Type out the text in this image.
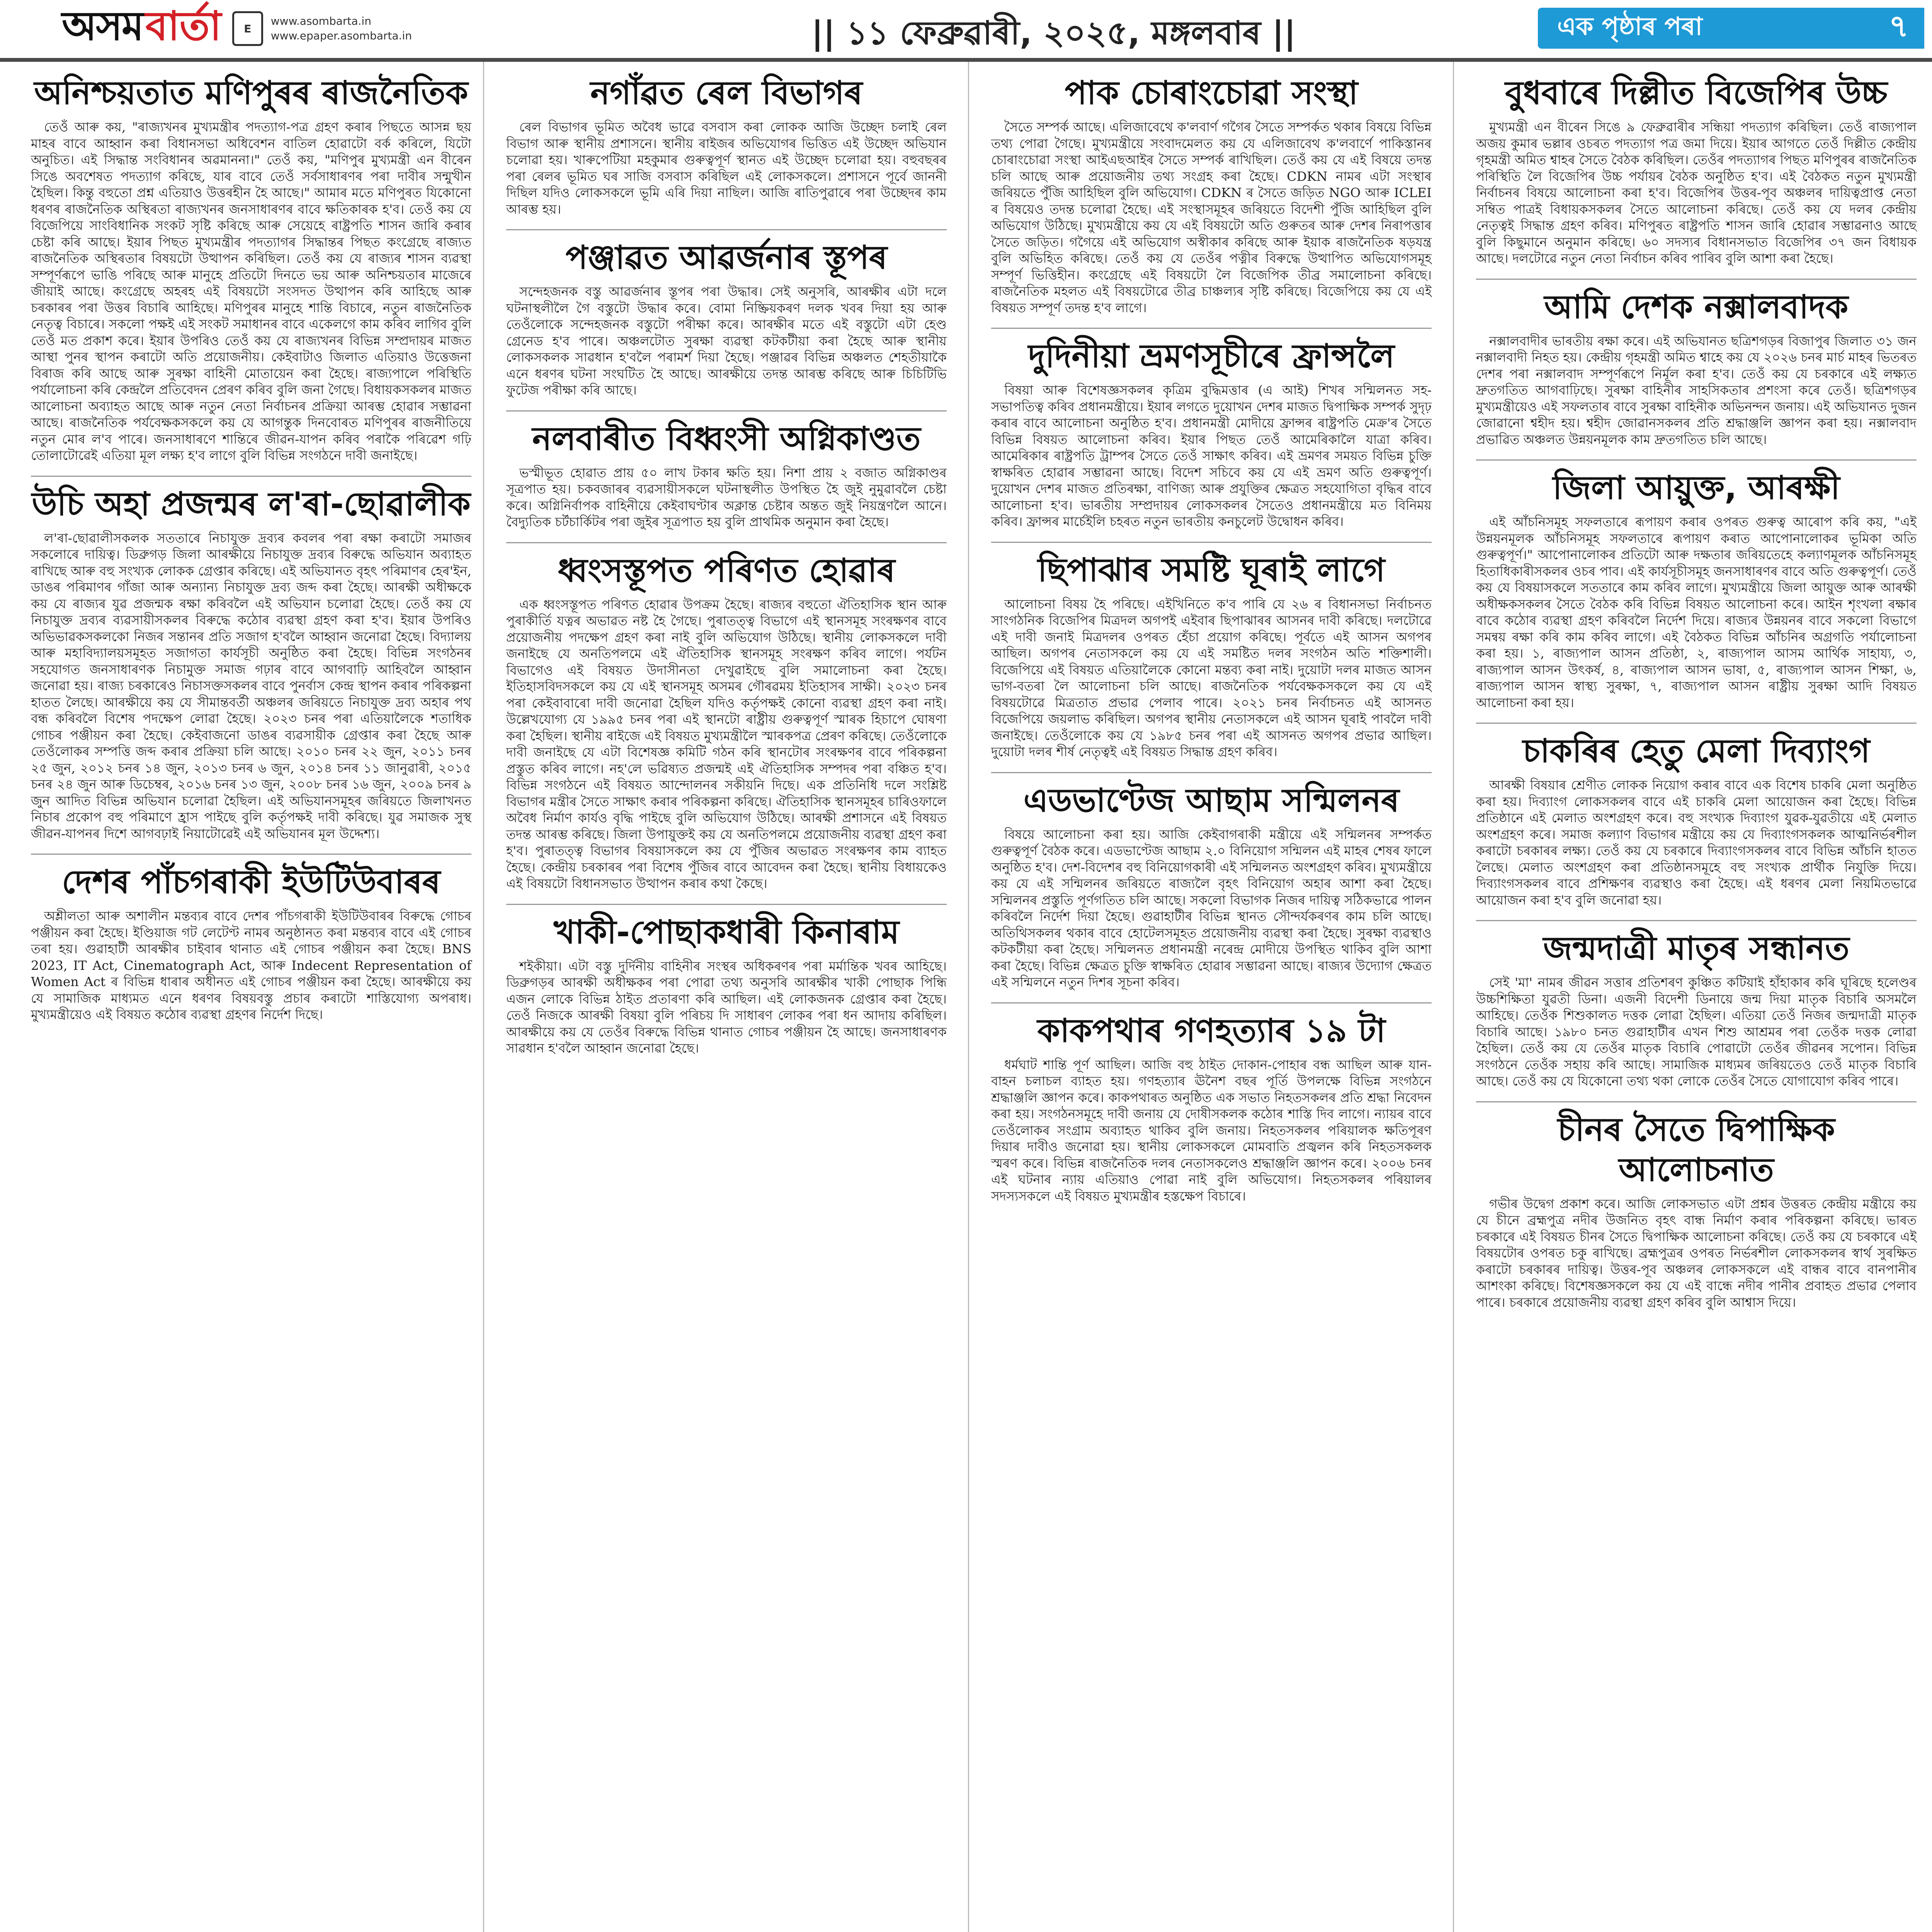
অসম বাৰ্তা	E
www.asombarta.in
www.epaper.asombarta.in	|| ১১ ফেব্ৰুৱাৰী, ২০২৫, মঙ্গলবাৰ ||	এক পৃষ্ঠাৰ পৰা	৭
অনিশ্চয়তাত মণিপুৰৰ ৰাজনৈতিক

তেওঁ আৰু কয়, "ৰাজ্যখনৰ মুখ্যমন্ত্ৰীৰ পদত্যাগ-পত্ৰ গ্ৰহণ কৰাৰ পিছতে আসন্ন ছয় মাহৰ বাবে আহ্বান কৰা বিধানসভা অধিবেশন বাতিল হোৱাটো বৰ্ক কৰিলে, যিটো অনুচিত। এই সিদ্ধান্ত সংবিধানৰ অৱমাননা।" তেওঁ কয়, "মণিপুৰ মুখ্যমন্ত্ৰী এন বীৰেন সিঙে অবশেষত পদত্যাগ কৰিছে, যাৰ বাবে তেওঁ সৰ্বসাধাৰণৰ পৰা দাবীৰ সন্মুখীন হৈছিল। কিন্তু বহুতো প্ৰশ্ন এতিয়াও উত্তৰহীন হৈ আছে।" আমাৰ মতে মণিপুৰত যিকোনো ধৰণৰ ৰাজনৈতিক অস্থিৰতা ৰাজ্যখনৰ জনসাধাৰণৰ বাবে ক্ষতিকাৰক হ'ব। তেওঁ কয় যে বিজেপিয়ে সাংবিধানিক সংকট সৃষ্টি কৰিছে আৰু সেয়েহে ৰাষ্ট্ৰপতি শাসন জাৰি কৰাৰ চেষ্টা কৰি আছে। ইয়াৰ পিছত মুখ্যমন্ত্ৰীৰ পদত্যাগৰ সিদ্ধান্তৰ পিছত কংগ্ৰেছে ৰাজ্যত ৰাজনৈতিক অস্থিৰতাৰ বিষয়টো উত্থাপন কৰিছিল। তেওঁ কয় যে ৰাজ্যৰ শাসন ব্যৱস্থা সম্পূৰ্ণৰূপে ভাঙি পৰিছে আৰু মানুহে প্ৰতিটো দিনতে ভয় আৰু অনিশ্চয়তাৰ মাজেৰে জীয়াই আছে। কংগ্ৰেছে অহৰহ এই বিষয়টো সংসদত উত্থাপন কৰি আহিছে আৰু চৰকাৰৰ পৰা উত্তৰ বিচাৰি আহিছে। মণিপুৰৰ মানুহে শান্তি বিচাৰে, নতুন ৰাজনৈতিক নেতৃত্ব বিচাৰে। সকলো পক্ষই এই সংকট সমাধানৰ বাবে একেলগে কাম কৰিব লাগিব বুলি তেওঁ মত প্ৰকাশ কৰে। ইয়াৰ উপৰিও তেওঁ কয় যে ৰাজ্যখনৰ বিভিন্ন সম্প্ৰদায়ৰ মাজত আস্থা পুনৰ স্থাপন কৰাটো অতি প্ৰয়োজনীয়। কেইবাটাও জিলাত এতিয়াও উত্তেজনা বিৰাজ কৰি আছে আৰু সুৰক্ষা বাহিনী মোতায়েন কৰা হৈছে। ৰাজ্যপালে পৰিস্থিতি পৰ্যালোচনা কৰি কেন্দ্ৰলৈ প্ৰতিবেদন প্ৰেৰণ কৰিব বুলি জনা গৈছে। বিধায়কসকলৰ মাজত আলোচনা অব্যাহত আছে আৰু নতুন নেতা নিৰ্বাচনৰ প্ৰক্ৰিয়া আৰম্ভ হোৱাৰ সম্ভাৱনা আছে। ৰাজনৈতিক পৰ্যবেক্ষকসকলে কয় যে আগন্তুক দিনবোৰত মণিপুৰৰ ৰাজনীতিয়ে নতুন মোৰ ল'ব পাৰে। জনসাধাৰণে শান্তিৰে জীৱন-যাপন কৰিব পৰাকৈ পৰিৱেশ গঢ়ি তোলাটোৱেই এতিয়া মূল লক্ষ্য হ'ব লাগে বুলি বিভিন্ন সংগঠনে দাবী জনাইছে।

উচি অহা প্ৰজন্মৰ ল'ৰা-ছোৱালীক

ল'ৰা-ছোৱালীসকলক সততাৰে নিচাযুক্ত দ্ৰব্যৰ কবলৰ পৰা ৰক্ষা কৰাটো সমাজৰ সকলোৰে দায়িত্ব। ডিব্ৰুগড় জিলা আৰক্ষীয়ে নিচাযুক্ত দ্ৰব্যৰ বিৰুদ্ধে অভিযান অব্যাহত ৰাখিছে আৰু বহু সংখ্যক লোকক গ্ৰেপ্তাৰ কৰিছে। এই অভিযানত বৃহৎ পৰিমাণৰ হেৰ'ইন, ডাঙৰ পৰিমাণৰ গাঁজা আৰু অন্যান্য নিচাযুক্ত দ্ৰব্য জব্দ কৰা হৈছে। আৰক্ষী অধীক্ষকে কয় যে ৰাজ্যৰ যুৱ প্ৰজন্মক ৰক্ষা কৰিবলৈ এই অভিযান চলোৱা হৈছে। তেওঁ কয় যে নিচাযুক্ত দ্ৰব্যৰ ব্যৱসায়ীসকলৰ বিৰুদ্ধে কঠোৰ ব্যৱস্থা গ্ৰহণ কৰা হ'ব। ইয়াৰ উপৰিও অভিভাৱকসকলকো নিজৰ সন্তানৰ প্ৰতি সজাগ হ'বলৈ আহ্বান জনোৱা হৈছে। বিদ্যালয় আৰু মহাবিদ্যালয়সমূহত সজাগতা কাৰ্যসূচী অনুষ্ঠিত কৰা হৈছে। বিভিন্ন সংগঠনৰ সহযোগত জনসাধাৰণক নিচামুক্ত সমাজ গঢ়াৰ বাবে আগবাঢ়ি আহিবলৈ আহ্বান জনোৱা হয়। ৰাজ্য চৰকাৰেও নিচাসক্তসকলৰ বাবে পুনৰ্বাস কেন্দ্ৰ স্থাপন কৰাৰ পৰিকল্পনা হাতত লৈছে। আৰক্ষীয়ে কয় যে সীমান্তবৰ্তী অঞ্চলৰ জৰিয়তে নিচাযুক্ত দ্ৰব্য অহাৰ পথ বন্ধ কৰিবলৈ বিশেষ পদক্ষেপ লোৱা হৈছে। ২০২৩ চনৰ পৰা এতিয়ালৈকে শতাধিক গোচৰ পঞ্জীয়ন কৰা হৈছে। কেইবাজনো ডাঙৰ ব্যৱসায়ীক গ্ৰেপ্তাৰ কৰা হৈছে আৰু তেওঁলোকৰ সম্পত্তি জব্দ কৰাৰ প্ৰক্ৰিয়া চলি আছে। ২০১০ চনৰ ২২ জুন, ২০১১ চনৰ ২৫ জুন, ২০১২ চনৰ ১৪ জুন, ২০১৩ চনৰ ৬ জুন, ২০১৪ চনৰ ১১ জানুৱাৰী, ২০১৫ চনৰ ২৪ জুন আৰু ডিচেম্বৰ, ২০১৬ চনৰ ১৩ জুন, ২০০৮ চনৰ ১৬ জুন, ২০০৯ চনৰ ৯ জুন আদিত বিভিন্ন অভিযান চলোৱা হৈছিল। এই অভিযানসমূহৰ জৰিয়তে জিলাখনত নিচাৰ প্ৰকোপ বহু পৰিমাণে হ্ৰাস পাইছে বুলি কৰ্তৃপক্ষই দাবী কৰিছে। যুৱ সমাজক সুস্থ জীৱন-যাপনৰ দিশে আগবঢ়াই নিয়াটোৱেই এই অভিযানৰ মূল উদ্দেশ্য।

দেশৰ পাঁচগৰাকী ইউটিউবাৰৰ

অশ্লীলতা আৰু অশালীন মন্তব্যৰ বাবে দেশৰ পাঁচগৰাকী ইউটিউবাৰৰ বিৰুদ্ধে গোচৰ পঞ্জীয়ন কৰা হৈছে। ইণ্ডিয়াজ গট লেটেণ্ট নামৰ অনুষ্ঠানত কৰা মন্তব্যৰ বাবে এই গোচৰ তৰা হয়। গুৱাহাটী আৰক্ষীৰ চাইবাৰ থানাত এই গোচৰ পঞ্জীয়ন কৰা হৈছে। BNS 2023, IT Act, Cinematograph Act, আৰু Indecent Representation of Women Act ৰ বিভিন্ন ধাৰাৰ অধীনত এই গোচৰ পঞ্জীয়ন কৰা হৈছে। আৰক্ষীয়ে কয় যে সামাজিক মাধ্যমত এনে ধৰণৰ বিষয়বস্তু প্ৰচাৰ কৰাটো শাস্তিযোগ্য অপৰাধ। মুখ্যমন্ত্ৰীয়েও এই বিষয়ত কঠোৰ ব্যৱস্থা গ্ৰহণৰ নিৰ্দেশ দিছে।

নগাঁৱত ৰেল বিভাগৰ

ৰেল বিভাগৰ ভূমিত অবৈধ ভাৱে বসবাস কৰা লোকক আজি উচ্ছেদ চলাই ৰেল বিভাগ আৰু স্থানীয় প্ৰশাসনে। স্থানীয় ৰাইজৰ অভিযোগৰ ভিত্তিত এই উচ্ছেদ অভিযান চলোৱা হয়। খাৰুপেটিয়া মহকুমাৰ গুৰুত্বপূৰ্ণ স্থানত এই উচ্ছেদ চলোৱা হয়। বহুবছৰৰ পৰা ৰেলৰ ভূমিত ঘৰ সাজি বসবাস কৰিছিল এই লোকসকলে। প্ৰশাসনে পূৰ্বে জাননী দিছিল যদিও লোকসকলে ভূমি এৰি দিয়া নাছিল। আজি ৰাতিপুৱাৰে পৰা উচ্ছেদৰ কাম আৰম্ভ হয়।

পঞ্জাৱত আৱৰ্জনাৰ স্তূপৰ

সন্দেহজনক বস্তু আৱৰ্জনাৰ স্তূপৰ পৰা উদ্ধাৰ। সেই অনুসৰি, আৰক্ষীৰ এটা দলে ঘটনাস্থলীলৈ গৈ বস্তুটো উদ্ধাৰ কৰে। বোমা নিষ্ক্ৰিয়কৰণ দলক খবৰ দিয়া হয় আৰু তেওঁলোকে সন্দেহজনক বস্তুটো পৰীক্ষা কৰে। আৰক্ষীৰ মতে এই বস্তুটো এটা হেণ্ড গ্ৰেনেড হ'ব পাৰে। অঞ্চলটোত সুৰক্ষা ব্যৱস্থা কটকটীয়া কৰা হৈছে আৰু স্থানীয় লোকসকলক সাৱধান হ'বলৈ পৰামৰ্শ দিয়া হৈছে। পঞ্জাৱৰ বিভিন্ন অঞ্চলত শেহতীয়াকৈ এনে ধৰণৰ ঘটনা সংঘটিত হৈ আছে। আৰক্ষীয়ে তদন্ত আৰম্ভ কৰিছে আৰু চিচিটিভি ফুটেজ পৰীক্ষা কৰি আছে।

নলবাৰীত বিধ্বংসী অগ্নিকাণ্ডত

ভস্মীভূত হোৱাত প্ৰায় ৫০ লাখ টকাৰ ক্ষতি হয়। নিশা প্ৰায় ২ বজাত অগ্নিকাণ্ডৰ সূত্ৰপাত হয়। চকবজাৰৰ ব্যৱসায়ীসকলে ঘটনাস্থলীত উপস্থিত হৈ জুই নুমুৱাবলৈ চেষ্টা কৰে। অগ্নিনিৰ্বাপক বাহিনীয়ে কেইবাঘণ্টাৰ অক্লান্ত চেষ্টাৰ অন্তত জুই নিয়ন্ত্ৰণলৈ আনে। বৈদ্যুতিক চৰ্টচাৰ্কিটৰ পৰা জুইৰ সূত্ৰপাত হয় বুলি প্ৰাথমিক অনুমান কৰা হৈছে।

ধ্বংসস্তূপত পৰিণত হোৱাৰ

এক ধ্বংসস্তূপত পৰিণত হোৱাৰ উপক্ৰম হৈছে। ৰাজ্যৰ বহুতো ঐতিহাসিক স্থান আৰু পুৰাকীৰ্তি যত্নৰ অভাৱত নষ্ট হৈ গৈছে। পুৰাতত্ত্ব বিভাগে এই স্থানসমূহ সংৰক্ষণৰ বাবে প্ৰয়োজনীয় পদক্ষেপ গ্ৰহণ কৰা নাই বুলি অভিযোগ উঠিছে। স্থানীয় লোকসকলে দাবী জনাইছে যে অনতিপলমে এই ঐতিহাসিক স্থানসমূহ সংৰক্ষণ কৰিব লাগে। পৰ্যটন বিভাগেও এই বিষয়ত উদাসীনতা দেখুৱাইছে বুলি সমালোচনা কৰা হৈছে। ইতিহাসবিদসকলে কয় যে এই স্থানসমূহ অসমৰ গৌৰৱময় ইতিহাসৰ সাক্ষী। ২০২৩ চনৰ পৰা কেইবাবাৰো দাবী জনোৱা হৈছিল যদিও কৰ্তৃপক্ষই কোনো ব্যৱস্থা গ্ৰহণ কৰা নাই। উল্লেখযোগ্য যে ১৯৯৫ চনৰ পৰা এই স্থানটো ৰাষ্ট্ৰীয় গুৰুত্বপূৰ্ণ স্মাৰক হিচাপে ঘোষণা কৰা হৈছিল। স্থানীয় ৰাইজে এই বিষয়ত মুখ্যমন্ত্ৰীলৈ স্মাৰকপত্ৰ প্ৰেৰণ কৰিছে। তেওঁলোকে দাবী জনাইছে যে এটা বিশেষজ্ঞ কমিটি গঠন কৰি স্থানটোৰ সংৰক্ষণৰ বাবে পৰিকল্পনা প্ৰস্তুত কৰিব লাগে। নহ'লে ভৱিষ্যত প্ৰজন্মই এই ঐতিহাসিক সম্পদৰ পৰা বঞ্চিত হ'ব। বিভিন্ন সংগঠনে এই বিষয়ত আন্দোলনৰ সকীয়নি দিছে। এক প্ৰতিনিধি দলে সংশ্লিষ্ট বিভাগৰ মন্ত্ৰীৰ সৈতে সাক্ষাৎ কৰাৰ পৰিকল্পনা কৰিছে। ঐতিহাসিক স্থানসমূহৰ চাৰিওফালে অবৈধ নিৰ্মাণ কাৰ্যও বৃদ্ধি পাইছে বুলি অভিযোগ উঠিছে। আৰক্ষী প্ৰশাসনে এই বিষয়ত তদন্ত আৰম্ভ কৰিছে। জিলা উপায়ুক্তই কয় যে অনতিপলমে প্ৰয়োজনীয় ব্যৱস্থা গ্ৰহণ কৰা হ'ব। পুৰাতত্ত্ব বিভাগৰ বিষয়াসকলে কয় যে পুঁজিৰ অভাৱত সংৰক্ষণৰ কাম ব্যাহত হৈছে। কেন্দ্ৰীয় চৰকাৰৰ পৰা বিশেষ পুঁজিৰ বাবে আবেদন কৰা হৈছে। স্থানীয় বিধায়কেও এই বিষয়টো বিধানসভাত উত্থাপন কৰাৰ কথা কৈছে।

খাকী-পোছাকধাৰী কিনাৰাম

শইকীয়া। এটা বস্তু দুৰ্দিনীয় বাহিনীৰ সংস্থৰ অধিকৰণৰ পৰা মৰ্মান্তিক খবৰ আহিছে। ডিব্ৰুগড়ৰ আৰক্ষী অধীক্ষকৰ পৰা পোৱা তথ্য অনুসৰি আৰক্ষীৰ খাকী পোছাক পিন্ধি এজন লোকে বিভিন্ন ঠাইত প্ৰতাৰণা কৰি আছিল। এই লোকজনক গ্ৰেপ্তাৰ কৰা হৈছে। তেওঁ নিজকে আৰক্ষী বিষয়া বুলি পৰিচয় দি সাধাৰণ লোকৰ পৰা ধন আদায় কৰিছিল। আৰক্ষীয়ে কয় যে তেওঁৰ বিৰুদ্ধে বিভিন্ন থানাত গোচৰ পঞ্জীয়ন হৈ আছে। জনসাধাৰণক সাৱধান হ'বলৈ আহ্বান জনোৱা হৈছে।

পাক চোৰাংচোৱা সংস্থা

সৈতে সম্পৰ্ক আছে। এলিজাবেথে ক'লবাৰ্ণ গগৈৰ সৈতে সম্পৰ্কত থকাৰ বিষয়ে বিভিন্ন তথ্য পোৱা গৈছে। মুখ্যমন্ত্ৰীয়ে সংবাদমেলত কয় যে এলিজাবেথ ক'লবাৰ্ণে পাকিস্তানৰ চোৰাংচোৱা সংস্থা আইএছআইৰ সৈতে সম্পৰ্ক ৰাখিছিল। তেওঁ কয় যে এই বিষয়ে তদন্ত চলি আছে আৰু প্ৰয়োজনীয় তথ্য সংগ্ৰহ কৰা হৈছে। CDKN নামৰ এটা সংস্থাৰ জৰিয়তে পুঁজি আহিছিল বুলি অভিযোগ। CDKN ৰ সৈতে জড়িত NGO আৰু ICLEI ৰ বিষয়েও তদন্ত চলোৱা হৈছে। এই সংস্থাসমূহৰ জৰিয়তে বিদেশী পুঁজি আহিছিল বুলি অভিযোগ উঠিছে। মুখ্যমন্ত্ৰীয়ে কয় যে এই বিষয়টো অতি গুৰুতৰ আৰু দেশৰ নিৰাপত্তাৰ সৈতে জড়িত। গগৈয়ে এই অভিযোগ অস্বীকাৰ কৰিছে আৰু ইয়াক ৰাজনৈতিক ষড়যন্ত্ৰ বুলি অভিহিত কৰিছে। তেওঁ কয় যে তেওঁৰ পত্নীৰ বিৰুদ্ধে উত্থাপিত অভিযোগসমূহ সম্পূৰ্ণ ভিত্তিহীন। কংগ্ৰেছে এই বিষয়টো লৈ বিজেপিক তীব্ৰ সমালোচনা কৰিছে। ৰাজনৈতিক মহলত এই বিষয়টোৱে তীব্ৰ চাঞ্চল্যৰ সৃষ্টি কৰিছে। বিজেপিয়ে কয় যে এই বিষয়ত সম্পূৰ্ণ তদন্ত হ'ব লাগে।

দুদিনীয়া ভ্ৰমণসূচীৰে ফ্ৰান্সলৈ

বিষয়া আৰু বিশেষজ্ঞসকলৰ কৃত্ৰিম বুদ্ধিমত্তাৰ (এ আই) শিখৰ সন্মিলনত সহ-সভাপতিত্ব কৰিব প্ৰধানমন্ত্ৰীয়ে। ইয়াৰ লগতে দুয়োখন দেশৰ মাজত দ্বিপাক্ষিক সম্পৰ্ক সুদৃঢ় কৰাৰ বাবে আলোচনা অনুষ্ঠিত হ'ব। প্ৰধানমন্ত্ৰী মোদীয়ে ফ্ৰান্সৰ ৰাষ্ট্ৰপতি মেক্ৰ'ৰ সৈতে বিভিন্ন বিষয়ত আলোচনা কৰিব। ইয়াৰ পিছত তেওঁ আমেৰিকালৈ যাত্ৰা কৰিব। আমেৰিকাৰ ৰাষ্ট্ৰপতি ট্ৰাম্পৰ সৈতে তেওঁ সাক্ষাৎ কৰিব। এই ভ্ৰমণৰ সময়ত বিভিন্ন চুক্তি স্বাক্ষৰিত হোৱাৰ সম্ভাৱনা আছে। বিদেশ সচিবে কয় যে এই ভ্ৰমণ অতি গুৰুত্বপূৰ্ণ। দুয়োখন দেশৰ মাজত প্ৰতিৰক্ষা, বাণিজ্য আৰু প্ৰযুক্তিৰ ক্ষেত্ৰত সহযোগিতা বৃদ্ধিৰ বাবে আলোচনা হ'ব। ভাৰতীয় সম্প্ৰদায়ৰ লোকসকলৰ সৈতেও প্ৰধানমন্ত্ৰীয়ে মত বিনিময় কৰিব। ফ্ৰান্সৰ মাৰ্চেইলি চহৰত নতুন ভাৰতীয় কনচুলেট উদ্বোধন কৰিব।

ছিপাঝাৰ সমষ্টি ঘূৰাই লাগে

আলোচনা বিষয় হৈ পৰিছে। এইখিনিতে ক'ব পাৰি যে ২৬ ৰ বিধানসভা নিৰ্বাচনত সাংগঠনিক বিজেপিৰ মিত্ৰদল অগপই এইবাৰ ছিপাঝাৰৰ আসনৰ দাবী কৰিছে। দলটোৱে এই দাবী জনাই মিত্ৰদলৰ ওপৰত হেঁচা প্ৰয়োগ কৰিছে। পূৰ্বতে এই আসন অগপৰ আছিল। অগপৰ নেতাসকলে কয় যে এই সমষ্টিত দলৰ সংগঠন অতি শক্তিশালী। বিজেপিয়ে এই বিষয়ত এতিয়ালৈকে কোনো মন্তব্য কৰা নাই। দুয়োটা দলৰ মাজত আসন ভাগ-বতৰা লৈ আলোচনা চলি আছে। ৰাজনৈতিক পৰ্যবেক্ষকসকলে কয় যে এই বিষয়টোৱে মিত্ৰতাত প্ৰভাৱ পেলাব পাৰে। ২০২১ চনৰ নিৰ্বাচনত এই আসনত বিজেপিয়ে জয়লাভ কৰিছিল। অগপৰ স্থানীয় নেতাসকলে এই আসন ঘূৰাই পাবলৈ দাবী জনাইছে। তেওঁলোকে কয় যে ১৯৮৫ চনৰ পৰা এই আসনত অগপৰ প্ৰভাৱ আছিল। দুয়োটা দলৰ শীৰ্ষ নেতৃত্বই এই বিষয়ত সিদ্ধান্ত গ্ৰহণ কৰিব।

এডভাণ্টেজ আছাম সন্মিলনৰ

বিষয়ে আলোচনা কৰা হয়। আজি কেইবাগৰাকী মন্ত্ৰীয়ে এই সন্মিলনৰ সম্পৰ্কত গুৰুত্বপূৰ্ণ বৈঠক কৰে। এডভাণ্টেজ আছাম ২.০ বিনিয়োগ সন্মিলন এই মাহৰ শেষৰ ফালে অনুষ্ঠিত হ'ব। দেশ-বিদেশৰ বহু বিনিয়োগকাৰী এই সন্মিলনত অংশগ্ৰহণ কৰিব। মুখ্যমন্ত্ৰীয়ে কয় যে এই সন্মিলনৰ জৰিয়তে ৰাজ্যলৈ বৃহৎ বিনিয়োগ অহাৰ আশা কৰা হৈছে। সন্মিলনৰ প্ৰস্তুতি পূৰ্ণগতিত চলি আছে। সকলো বিভাগক নিজৰ দায়িত্ব সঠিকভাৱে পালন কৰিবলৈ নিৰ্দেশ দিয়া হৈছে। গুৱাহাটীৰ বিভিন্ন স্থানত সৌন্দৰ্যকৰণৰ কাম চলি আছে। অতিথিসকলৰ থকাৰ বাবে হোটেলসমূহত প্ৰয়োজনীয় ব্যৱস্থা কৰা হৈছে। সুৰক্ষা ব্যৱস্থাও কটকটীয়া কৰা হৈছে। সন্মিলনত প্ৰধানমন্ত্ৰী নৰেন্দ্ৰ মোদীয়ে উপস্থিত থাকিব বুলি আশা কৰা হৈছে। বিভিন্ন ক্ষেত্ৰত চুক্তি স্বাক্ষৰিত হোৱাৰ সম্ভাৱনা আছে। ৰাজ্যৰ উদ্যোগ ক্ষেত্ৰত এই সন্মিলনে নতুন দিশৰ সূচনা কৰিব।

কাকপথাৰ গণহত্যাৰ ১৯ টা

ধৰ্মঘাট শান্তি পূৰ্ণ আছিল। আজি বহু ঠাইত দোকান-পোহাৰ বন্ধ আছিল আৰু যান-বাহন চলাচল ব্যাহত হয়। গণহত্যাৰ ঊনৈশ বছৰ পূৰ্তি উপলক্ষে বিভিন্ন সংগঠনে শ্ৰদ্ধাঞ্জলি জ্ঞাপন কৰে। কাকপথাৰত অনুষ্ঠিত এক সভাত নিহতসকলৰ প্ৰতি শ্ৰদ্ধা নিবেদন কৰা হয়। সংগঠনসমূহে দাবী জনায় যে দোষীসকলক কঠোৰ শাস্তি দিব লাগে। ন্যায়ৰ বাবে তেওঁলোকৰ সংগ্ৰাম অব্যাহত থাকিব বুলি জনায়। নিহতসকলৰ পৰিয়ালক ক্ষতিপূৰণ দিয়াৰ দাবীও জনোৱা হয়। স্থানীয় লোকসকলে মোমবাতি প্ৰজ্বলন কৰি নিহতসকলক স্মৰণ কৰে। বিভিন্ন ৰাজনৈতিক দলৰ নেতাসকলেও শ্ৰদ্ধাঞ্জলি জ্ঞাপন কৰে। ২০০৬ চনৰ এই ঘটনাৰ ন্যায় এতিয়াও পোৱা নাই বুলি অভিযোগ। নিহতসকলৰ পৰিয়ালৰ সদস্যসকলে এই বিষয়ত মুখ্যমন্ত্ৰীৰ হস্তক্ষেপ বিচাৰে।

বুধবাৰে দিল্লীত বিজেপিৰ উচ্চ

মুখ্যমন্ত্ৰী এন বীৰেন সিঙে ৯ ফেব্ৰুৱাৰীৰ সন্ধিয়া পদত্যাগ কৰিছিল। তেওঁ ৰাজ্যপাল অজয় কুমাৰ ভল্লাৰ ওচৰত পদত্যাগ পত্ৰ জমা দিয়ে। ইয়াৰ আগতে তেওঁ দিল্লীত কেন্দ্ৰীয় গৃহমন্ত্ৰী অমিত শ্বাহৰ সৈতে বৈঠক কৰিছিল। তেওঁৰ পদত্যাগৰ পিছত মণিপুৰৰ ৰাজনৈতিক পৰিস্থিতি লৈ বিজেপিৰ উচ্চ পৰ্যায়ৰ বৈঠক অনুষ্ঠিত হ'ব। এই বৈঠকত নতুন মুখ্যমন্ত্ৰী নিৰ্বাচনৰ বিষয়ে আলোচনা কৰা হ'ব। বিজেপিৰ উত্তৰ-পূব অঞ্চলৰ দায়িত্বপ্ৰাপ্ত নেতা সম্বিত পাত্ৰই বিধায়কসকলৰ সৈতে আলোচনা কৰিছে। তেওঁ কয় যে দলৰ কেন্দ্ৰীয় নেতৃত্বই সিদ্ধান্ত গ্ৰহণ কৰিব। মণিপুৰত ৰাষ্ট্ৰপতি শাসন জাৰি হোৱাৰ সম্ভাৱনাও আছে বুলি কিছুমানে অনুমান কৰিছে। ৬০ সদস্যৰ বিধানসভাত বিজেপিৰ ৩৭ জন বিধায়ক আছে। দলটোৱে নতুন নেতা নিৰ্বাচন কৰিব পাৰিব বুলি আশা কৰা হৈছে।

আমি দেশক নক্সালবাদক

নক্সালবাদীৰ ভাৰতীয় ৰক্ষা কৰে। এই অভিযানত ছত্ৰিশগড়ৰ বিজাপুৰ জিলাত ৩১ জন নক্সালবাদী নিহত হয়। কেন্দ্ৰীয় গৃহমন্ত্ৰী অমিত শ্বাহে কয় যে ২০২৬ চনৰ মাৰ্চ মাহৰ ভিতৰত দেশৰ পৰা নক্সালবাদ সম্পূৰ্ণৰূপে নিৰ্মূল কৰা হ'ব। তেওঁ কয় যে চৰকাৰে এই লক্ষ্যত দ্ৰুতগতিত আগবাঢ়িছে। সুৰক্ষা বাহিনীৰ সাহসিকতাৰ প্ৰশংসা কৰে তেওঁ। ছত্ৰিশগড়ৰ মুখ্যমন্ত্ৰীয়েও এই সফলতাৰ বাবে সুৰক্ষা বাহিনীক অভিনন্দন জনায়। এই অভিযানত দুজন জোৱানো শ্বহীদ হয়। শ্বহীদ জোৱানসকলৰ প্ৰতি শ্ৰদ্ধাঞ্জলি জ্ঞাপন কৰা হয়। নক্সালবাদ প্ৰভাৱিত অঞ্চলত উন্নয়নমূলক কাম দ্ৰুতগতিত চলি আছে।

জিলা আয়ুক্ত, আৰক্ষী

এই আঁচনিসমূহ সফলতাৰে ৰূপায়ণ কৰাৰ ওপৰত গুৰুত্ব আৰোপ কৰি কয়, "এই উন্নয়নমূলক আঁচনিসমূহ সফলতাৰে ৰূপায়ণ কৰাত আপোনালোকৰ ভূমিকা অতি গুৰুত্বপূৰ্ণ।" আপোনালোকৰ প্ৰতিটো আৰু দক্ষতাৰ জৰিয়তেহে কল্যাণমূলক আঁচনিসমূহ হিতাধিকাৰীসকলৰ ওচৰ পাব। এই কাৰ্যসূচীসমূহ জনসাধাৰণৰ বাবে অতি গুৰুত্বপূৰ্ণ। তেওঁ কয় যে বিষয়াসকলে সততাৰে কাম কৰিব লাগে। মুখ্যমন্ত্ৰীয়ে জিলা আয়ুক্ত আৰু আৰক্ষী অধীক্ষকসকলৰ সৈতে বৈঠক কৰি বিভিন্ন বিষয়ত আলোচনা কৰে। আইন শৃংখলা ৰক্ষাৰ বাবে কঠোৰ ব্যৱস্থা গ্ৰহণ কৰিবলৈ নিৰ্দেশ দিয়ে। ৰাজ্যৰ উন্নয়নৰ বাবে সকলো বিভাগে সমন্বয় ৰক্ষা কৰি কাম কৰিব লাগে। এই বৈঠকত বিভিন্ন আঁচনিৰ অগ্ৰগতি পৰ্যালোচনা কৰা হয়। ১, ৰাজ্যপাল আসন প্ৰতিষ্ঠা, ২, ৰাজ্যপাল আসম আৰ্থিক সাহায্য, ৩, ৰাজ্যপাল আসন উৎকৰ্ষ, ৪, ৰাজ্যপাল আসন ভাষা, ৫, ৰাজ্যপাল আসন শিক্ষা, ৬, ৰাজ্যপাল আসন স্বাস্থ্য সুৰক্ষা, ৭, ৰাজ্যপাল আসন ৰাষ্ট্ৰীয় সুৰক্ষা আদি বিষয়ত আলোচনা কৰা হয়।

চাকৰিৰ হেতু মেলা দিব্যাংগ

আৰক্ষী বিষয়াৰ শ্ৰেণীত লোকক নিয়োগ কৰাৰ বাবে এক বিশেষ চাকৰি মেলা অনুষ্ঠিত কৰা হয়। দিব্যাংগ লোকসকলৰ বাবে এই চাকৰি মেলা আয়োজন কৰা হৈছে। বিভিন্ন প্ৰতিষ্ঠানে এই মেলাত অংশগ্ৰহণ কৰে। বহু সংখ্যক দিব্যাংগ যুৱক-যুৱতীয়ে এই মেলাত অংশগ্ৰহণ কৰে। সমাজ কল্যাণ বিভাগৰ মন্ত্ৰীয়ে কয় যে দিব্যাংগসকলক আত্মনিৰ্ভৰশীল কৰাটো চৰকাৰৰ লক্ষ্য। তেওঁ কয় যে চৰকাৰে দিব্যাংগসকলৰ বাবে বিভিন্ন আঁচনি হাতত লৈছে। মেলাত অংশগ্ৰহণ কৰা প্ৰতিষ্ঠানসমূহে বহু সংখ্যক প্ৰাৰ্থীক নিযুক্তি দিয়ে। দিব্যাংগসকলৰ বাবে প্ৰশিক্ষণৰ ব্যৱস্থাও কৰা হৈছে। এই ধৰণৰ মেলা নিয়মিতভাৱে আয়োজন কৰা হ'ব বুলি জনোৱা হয়।

জন্মদাত্ৰী মাতৃৰ সন্ধানত

সেই 'মা' নামৰ জীৱন সত্তাৰ প্ৰতিশৰণ কুঞ্চিত কটিয়াই হাঁহাকাৰ কৰি ঘূৰিছে হলেণ্ডৰ উচ্চশিক্ষিতা যুৱতী ডিনা। এজনী বিদেশী ডিনায়ে জন্ম দিয়া মাতৃক বিচাৰি অসমলৈ আহিছে। তেওঁক শিশুকালত দত্তক লোৱা হৈছিল। এতিয়া তেওঁ নিজৰ জন্মদাত্ৰী মাতৃক বিচাৰি আছে। ১৯৮০ চনত গুৱাহাটীৰ এখন শিশু আশ্ৰমৰ পৰা তেওঁক দত্তক লোৱা হৈছিল। তেওঁ কয় যে তেওঁৰ মাতৃক বিচাৰি পোৱাটো তেওঁৰ জীৱনৰ সপোন। বিভিন্ন সংগঠনে তেওঁক সহায় কৰি আছে। সামাজিক মাধ্যমৰ জৰিয়তেও তেওঁ মাতৃক বিচাৰি আছে। তেওঁ কয় যে যিকোনো তথ্য থকা লোকে তেওঁৰ সৈতে যোগাযোগ কৰিব পাৰে।

চীনৰ সৈতে দ্বিপাক্ষিক আলোচনাত

গভীৰ উদ্বেগ প্ৰকাশ কৰে। আজি লোকসভাত এটা প্ৰশ্নৰ উত্তৰত কেন্দ্ৰীয় মন্ত্ৰীয়ে কয় যে চীনে ব্ৰহ্মপুত্ৰ নদীৰ উজনিত বৃহৎ বান্ধ নিৰ্মাণ কৰাৰ পৰিকল্পনা কৰিছে। ভাৰত চৰকাৰে এই বিষয়ত চীনৰ সৈতে দ্বিপাক্ষিক আলোচনা কৰিছে। তেওঁ কয় যে চৰকাৰে এই বিষয়টোৰ ওপৰত চকু ৰাখিছে। ব্ৰহ্মপুত্ৰৰ ওপৰত নিৰ্ভৰশীল লোকসকলৰ স্বাৰ্থ সুৰক্ষিত কৰাটো চৰকাৰৰ দায়িত্ব। উত্তৰ-পূব অঞ্চলৰ লোকসকলে এই বান্ধৰ বাবে বানপানীৰ আশংকা কৰিছে। বিশেষজ্ঞসকলে কয় যে এই বান্ধে নদীৰ পানীৰ প্ৰবাহত প্ৰভাৱ পেলাব পাৰে। চৰকাৰে প্ৰয়োজনীয় ব্যৱস্থা গ্ৰহণ কৰিব বুলি আশ্বাস দিয়ে।
